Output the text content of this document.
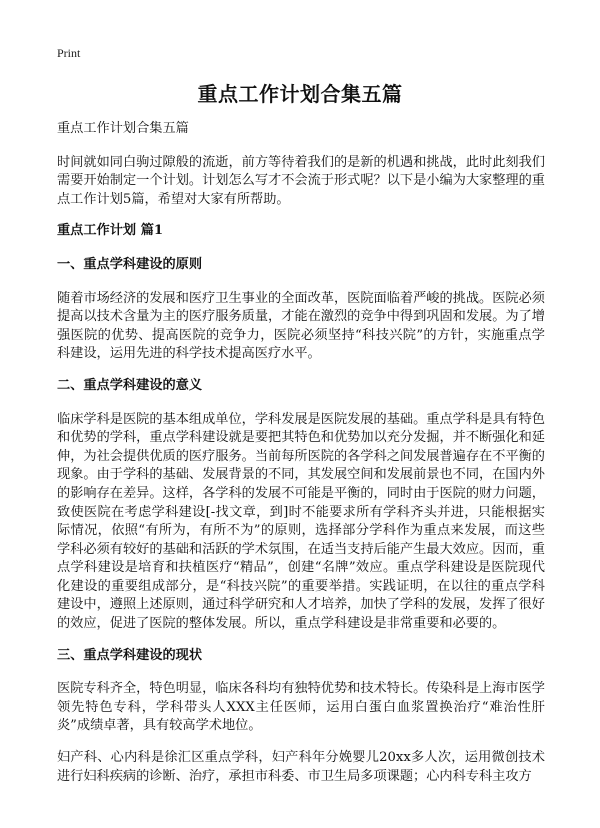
Print
重点工作计划合集五篇

重点工作计划合集五篇

时间就如同白驹过隙般的流逝，前方等待着我们的是新的机遇和挑战，此时此刻我们需要开始制定一个计划。计划怎么写才不会流于形式呢？以下是小编为大家整理的重点工作计划5篇，希望对大家有所帮助。

重点工作计划 篇1
一、重点学科建设的原则

随着市场经济的发展和医疗卫生事业的全面改革，医院面临着严峻的挑战。医院必须提高以技术含量为主的医疗服务质量，才能在激烈的竞争中得到巩固和发展。为了增强医院的优势、提高医院的竞争力，医院必须坚持“科技兴院”的方针，实施重点学科建设，运用先进的科学技术提高医疗水平。

二、重点学科建设的意义

临床学科是医院的基本组成单位，学科发展是医院发展的基础。重点学科是具有特色和优势的学科，重点学科建设就是要把其特色和优势加以充分发掘，并不断强化和延伸，为社会提供优质的医疗服务。当前每所医院的各学科之间发展普遍存在不平衡的现象。由于学科的基础、发展背景的不同，其发展空间和发展前景也不同，在国内外的影响存在差异。这样，各学科的发展不可能是平衡的，同时由于医院的财力问题，致使医院在考虑学科建设[-找文章，到]时不能要求所有学科齐头并进，只能根据实际情况，依照“有所为，有所不为”的原则，选择部分学科作为重点来发展，而这些学科必须有较好的基础和活跃的学术氛围，在适当支持后能产生最大效应。因而，重点学科建设是培育和扶植医疗“精品”，创建“名牌”效应。重点学科建设是医院现代化建设的重要组成部分，是“科技兴院”的重要举措。实践证明，在以往的重点学科建设中，遵照上述原则，通过科学研究和人才培养，加快了学科的发展，发挥了很好的效应，促进了医院的整体发展。所以，重点学科建设是非常重要和必要的。

三、重点学科建设的现状

医院专科齐全，特色明显，临床各科均有独特优势和技术特长。传染科是上海市医学领先特色专科，学科带头人XXX主任医师，运用白蛋白血浆置换治疗“难治性肝炎”成绩卓著，具有较高学术地位。

妇产科、心内科是徐汇区重点学科，妇产科年分娩婴儿20xx多人次，运用微创技术进行妇科疾病的诊断、治疗，承担市科委、市卫生局多项课题；心内科专科主攻方
